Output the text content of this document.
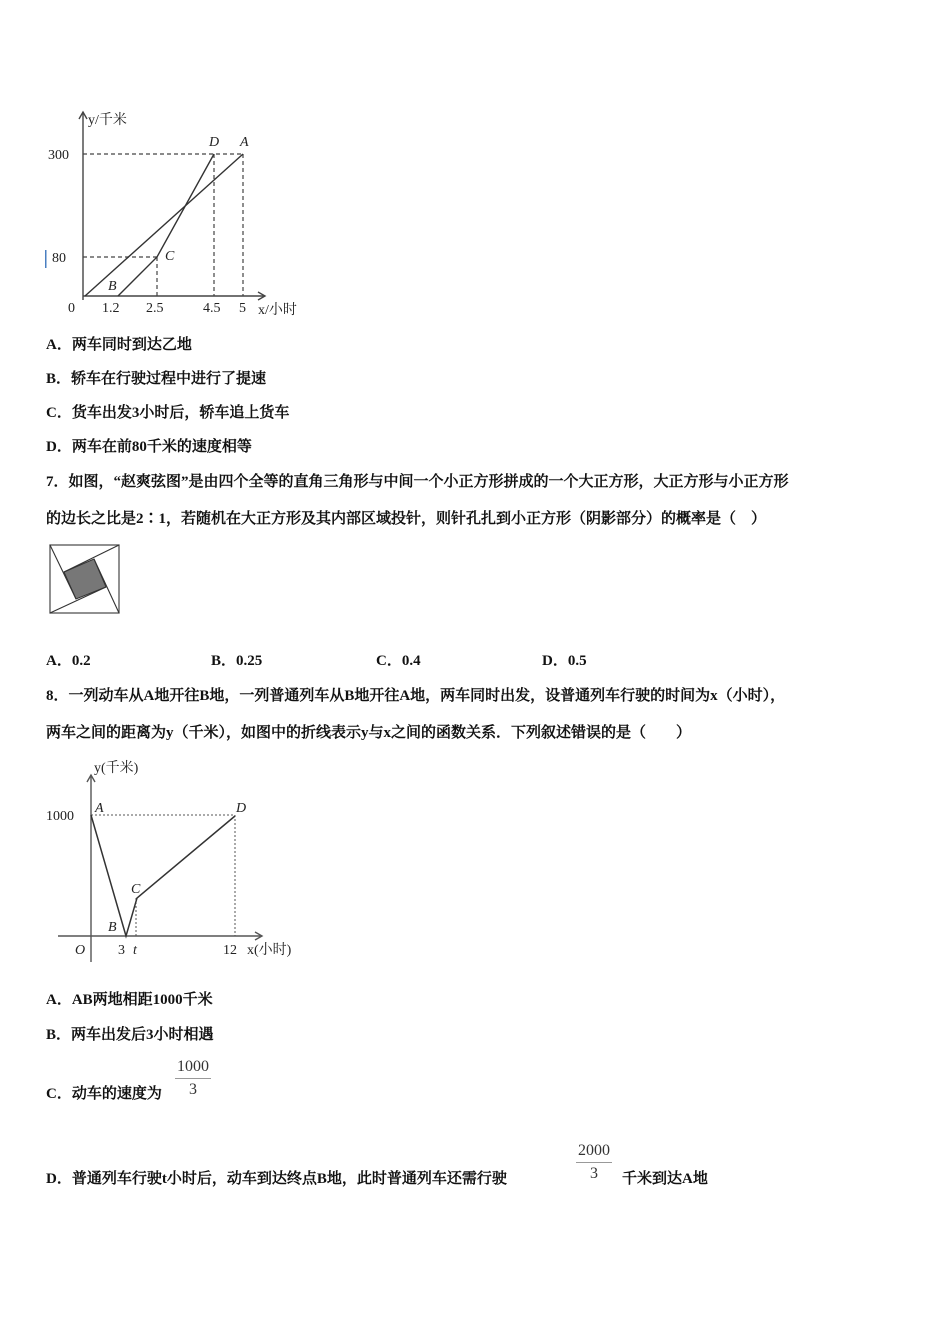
y/千米
x/小时
0 1.2 2.5	4.5 5
80
300
D A
C
B
A．两车同时到达乙地
B．轿车在行驶过程中进行了提速
C．货车出发3小时后，轿车追上货车
D．两车在前80千米的速度相等
7．如图，“赵爽弦图”是由四个全等的直角三角形与中间一个小正方形拼成的一个大正方形，大正方形与小正方形
的边长之比是2∶1，若随机在大正方形及其内部区域投针，则针孔扎到小正方形（阴影部分）的概率是（　）
A．0.2	B．0.25	C．0.4	D．0.5
8．一列动车从A地开往B地，一列普通列车从B地开往A地，两车同时出发，设普通列车行驶的时间为x（小时），
两车之间的距离为y（千米），如图中的折线表示y与x之间的函数关系．下列叙述错误的是（　　）
y(千米)
x(小时)
O
1000
3 t	12
A	D
C
B
A．AB两地相距1000千米
B．两车出发后3小时相遇
C．动车的速度为 $\frac{1000}{3}$
D．普通列车行驶t小时后，动车到达终点B地，此时普通列车还需行驶	$\frac{2000}{3}$ 千米到达A地
